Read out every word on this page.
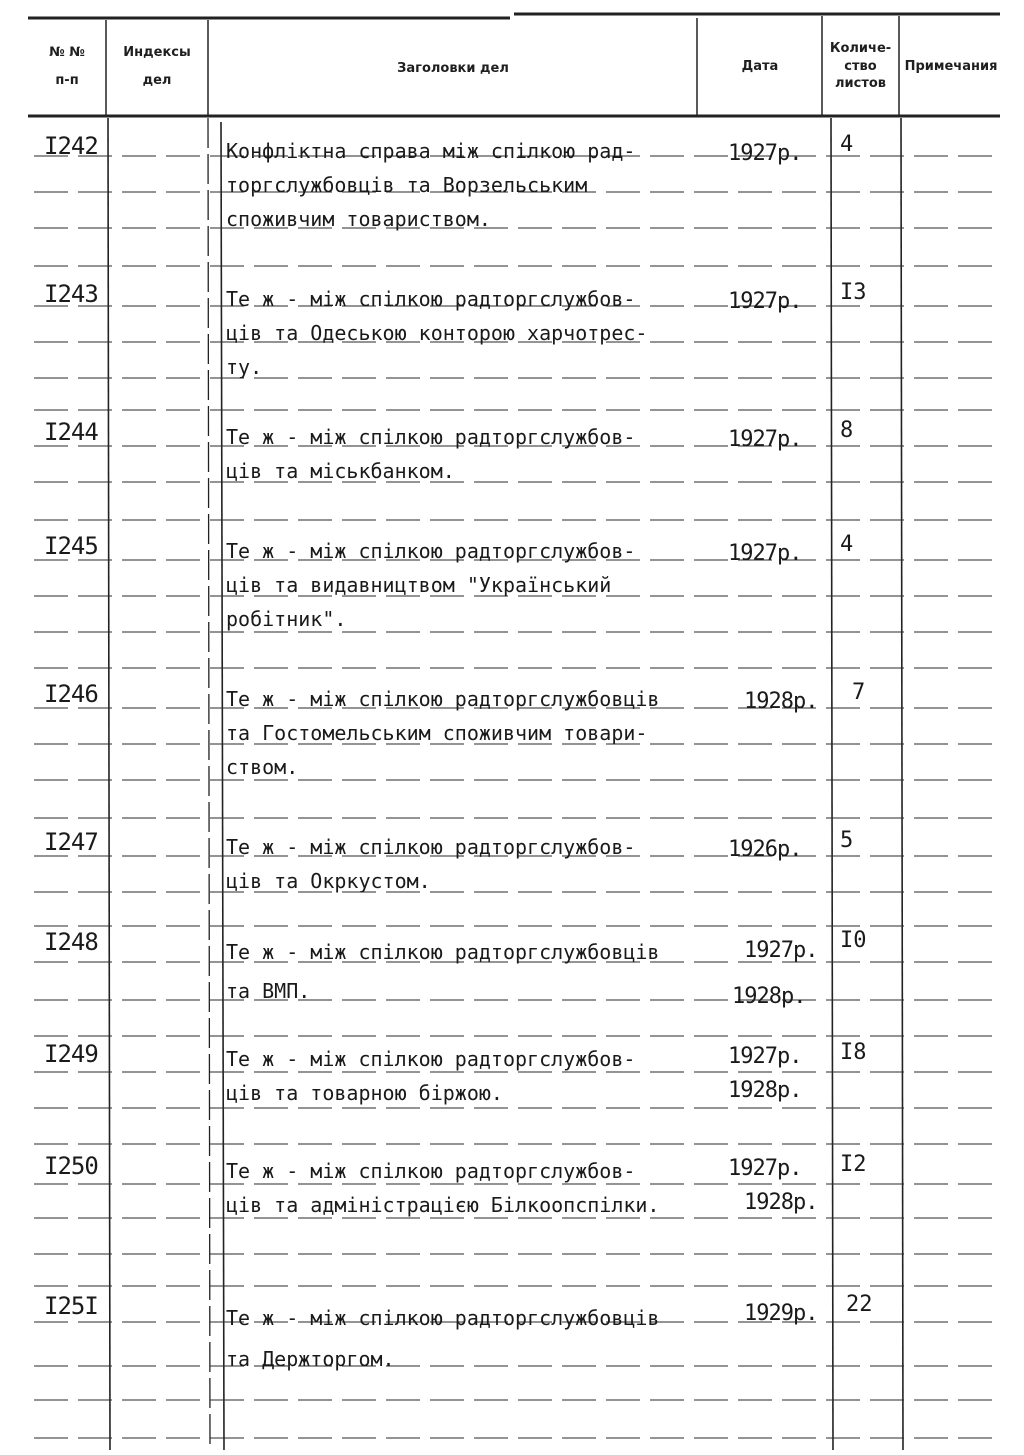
№ №
п-п
Индексы
дел
Заголовки дел	Дата
Количе-
ство
листов
Примечания
I242	Конфлiктна справа мiж спiлкою рад-
торгслужбовцiв та Ворзельським
споживчим товариством.
1927р. 4
I243	Те ж - мiж спiлкою радторгслужбов-
цiв та Одеською конторою харчотрес-
ту.
1927р. I3
I244	Те ж - мiж спiлкою радторгслужбов-
цiв та мiськбанком.
1927р. 8
I245	Те ж - мiж спiлкою радторгслужбов-
цiв та видавництвом "Український
робiтник".
1927р. 4
I246	Те ж - мiж спiлкою радторгслужбовцiв
та Гостомельським споживчим товари-
ством.
1928р. 7
I247	Те ж - мiж спiлкою радторгслужбов-
цiв та Окркустом.
1926р. 5
I248	Те ж - мiж спiлкою радторгслужбовцiв
та ВМП.
1927р.
1928р.
I0
I249	Те ж - мiж спiлкою радторгслужбов-
цiв та товарною бiржою.
1927р.
1928р.
I8
I250	Те ж - мiж спiлкою радторгслужбов-
цiв та адмiнiстрацiєю Бiлкоопспiлки.
1927р.
1928р.
I2
I25I	Те ж - мiж спiлкою радторгслужбовцiв
та Держторгом.
1929р. 22
